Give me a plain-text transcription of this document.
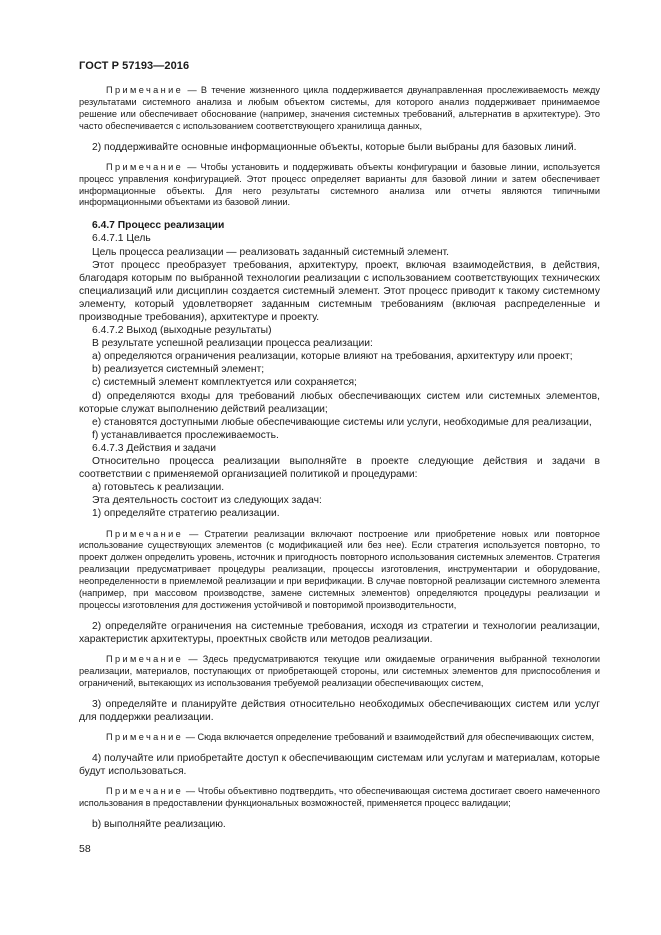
ГОСТ Р 57193—2016

Примечание — В течение жизненного цикла поддерживается двунаправленная прослеживаемость между результатами системного анализа и любым объектом системы, для которого анализ поддерживает принимаемое решение или обеспечивает обоснование (например, значения системных требований, альтернатив в архитектуре). Это часто обеспечивается с использованием соответствующего хранилища данных,

2) поддерживайте основные информационные объекты, которые были выбраны для базовых линий.

Примечание — Чтобы установить и поддерживать объекты конфигурации и базовые линии, используется процесс управления конфигурацией. Этот процесс определяет варианты для базовой линии и затем обеспечивает информационные объекты. Для него результаты системного анализа или отчеты являются типичными информационными объектами из базовой линии.

6.4.7 Процесс реализации

6.4.7.1 Цель

Цель процесса реализации — реализовать заданный системный элемент.

Этот процесс преобразует требования, архитектуру, проект, включая взаимодействия, в действия, благодаря которым по выбранной технологии реализации с использованием соответствующих технических специализаций или дисциплин создается системный элемент. Этот процесс приводит к такому системному элементу, который удовлетворяет заданным системным требованиям (включая распределенные и производные требования), архитектуре и проекту.

6.4.7.2 Выход (выходные результаты)

В результате успешной реализации процесса реализации:

a) определяются ограничения реализации, которые влияют на требования, архитектуру или проект;

b) реализуется системный элемент;

c) системный элемент комплектуется или сохраняется;

d) определяются входы для требований любых обеспечивающих систем или системных элементов, которые служат выполнению действий реализации;

e) становятся доступными любые обеспечивающие системы или услуги, необходимые для реализации,

f) устанавливается прослеживаемость.

6.4.7.3 Действия и задачи

Относительно процесса реализации выполняйте в проекте следующие действия и задачи в соответствии с применяемой организацией политикой и процедурами:

a) готовьтесь к реализации.

Эта деятельность состоит из следующих задач:

1) определяйте стратегию реализации.

Примечание — Стратегии реализации включают построение или приобретение новых или повторное использование существующих элементов (с модификацией или без нее). Если стратегия используется повторно, то проект должен определить уровень, источник и пригодность повторного использования системных элементов. Стратегия реализации предусматривает процедуры реализации, процессы изготовления, инструментарии и оборудование, неопределенности в приемлемой реализации и при верификации. В случае повторной реализации системного элемента (например, при массовом производстве, замене системных элементов) определяются процедуры реализации и процессы изготовления для достижения устойчивой и повторимой производительности,

2) определяйте ограничения на системные требования, исходя из стратегии и технологии реализации, характеристик архитектуры, проектных свойств или методов реализации.

Примечание — Здесь предусматриваются текущие или ожидаемые ограничения выбранной технологии реализации, материалов, поступающих от приобретающей стороны, или системных элементов для приспособления и ограничений, вытекающих из использования требуемой реализации обеспечивающих систем,

3) определяйте и планируйте действия относительно необходимых обеспечивающих систем или услуг для поддержки реализации.

Примечание — Сюда включается определение требований и взаимодействий для обеспечивающих систем,

4) получайте или приобретайте доступ к обеспечивающим системам или услугам и материалам, которые будут использоваться.

Примечание — Чтобы объективно подтвердить, что обеспечивающая система достигает своего намеченного использования в предоставлении функциональных возможностей, применяется процесс валидации;

b) выполняйте реализацию.

58
